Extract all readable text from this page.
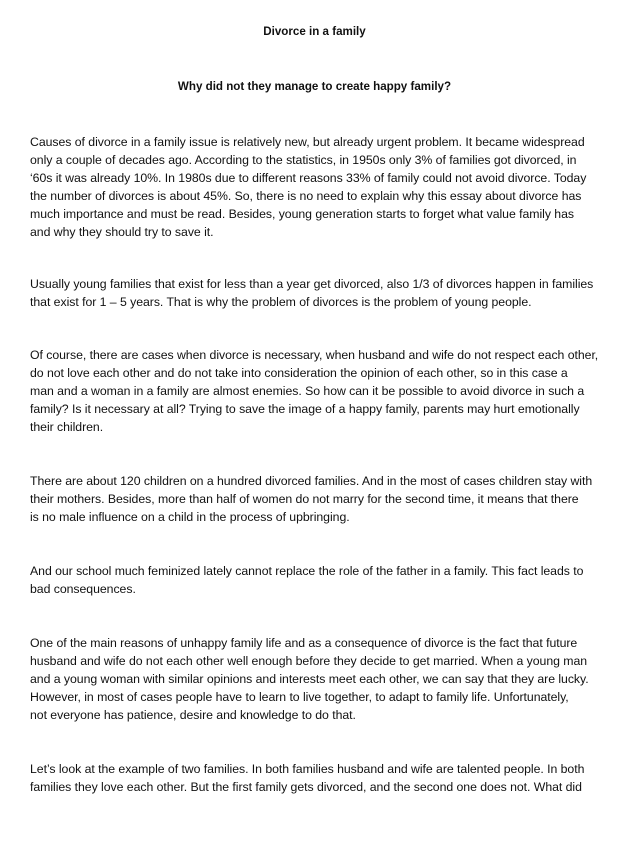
Divorce in a family
Why did not they manage to create happy family?
Causes of divorce in a family issue is relatively new, but already urgent problem. It became widespread
only a couple of decades ago. According to the statistics, in 1950s only 3% of families got divorced, in
‘60s it was already 10%. In 1980s due to different reasons 33% of family could not avoid divorce. Today
the number of divorces is about 45%. So, there is no need to explain why this essay about divorce has
much importance and must be read. Besides, young generation starts to forget what value family has
and why they should try to save it.
Usually young families that exist for less than a year get divorced, also 1/3 of divorces happen in families
that exist for 1 – 5 years. That is why the problem of divorces is the problem of young people.
Of course, there are cases when divorce is necessary, when husband and wife do not respect each other,
do not love each other and do not take into consideration the opinion of each other, so in this case a
man and a woman in a family are almost enemies. So how can it be possible to avoid divorce in such a
family? Is it necessary at all? Trying to save the image of a happy family, parents may hurt emotionally
their children.
There are about 120 children on a hundred divorced families. And in the most of cases children stay with
their mothers. Besides, more than half of women do not marry for the second time, it means that there
is no male influence on a child in the process of upbringing.
And our school much feminized lately cannot replace the role of the father in a family. This fact leads to
bad consequences.
One of the main reasons of unhappy family life and as a consequence of divorce is the fact that future
husband and wife do not each other well enough before they decide to get married. When a young man
and a young woman with similar opinions and interests meet each other, we can say that they are lucky.
However, in most of cases people have to learn to live together, to adapt to family life. Unfortunately,
not everyone has patience, desire and knowledge to do that.
Let’s look at the example of two families. In both families husband and wife are talented people. In both
families they love each other. But the first family gets divorced, and the second one does not. What did
